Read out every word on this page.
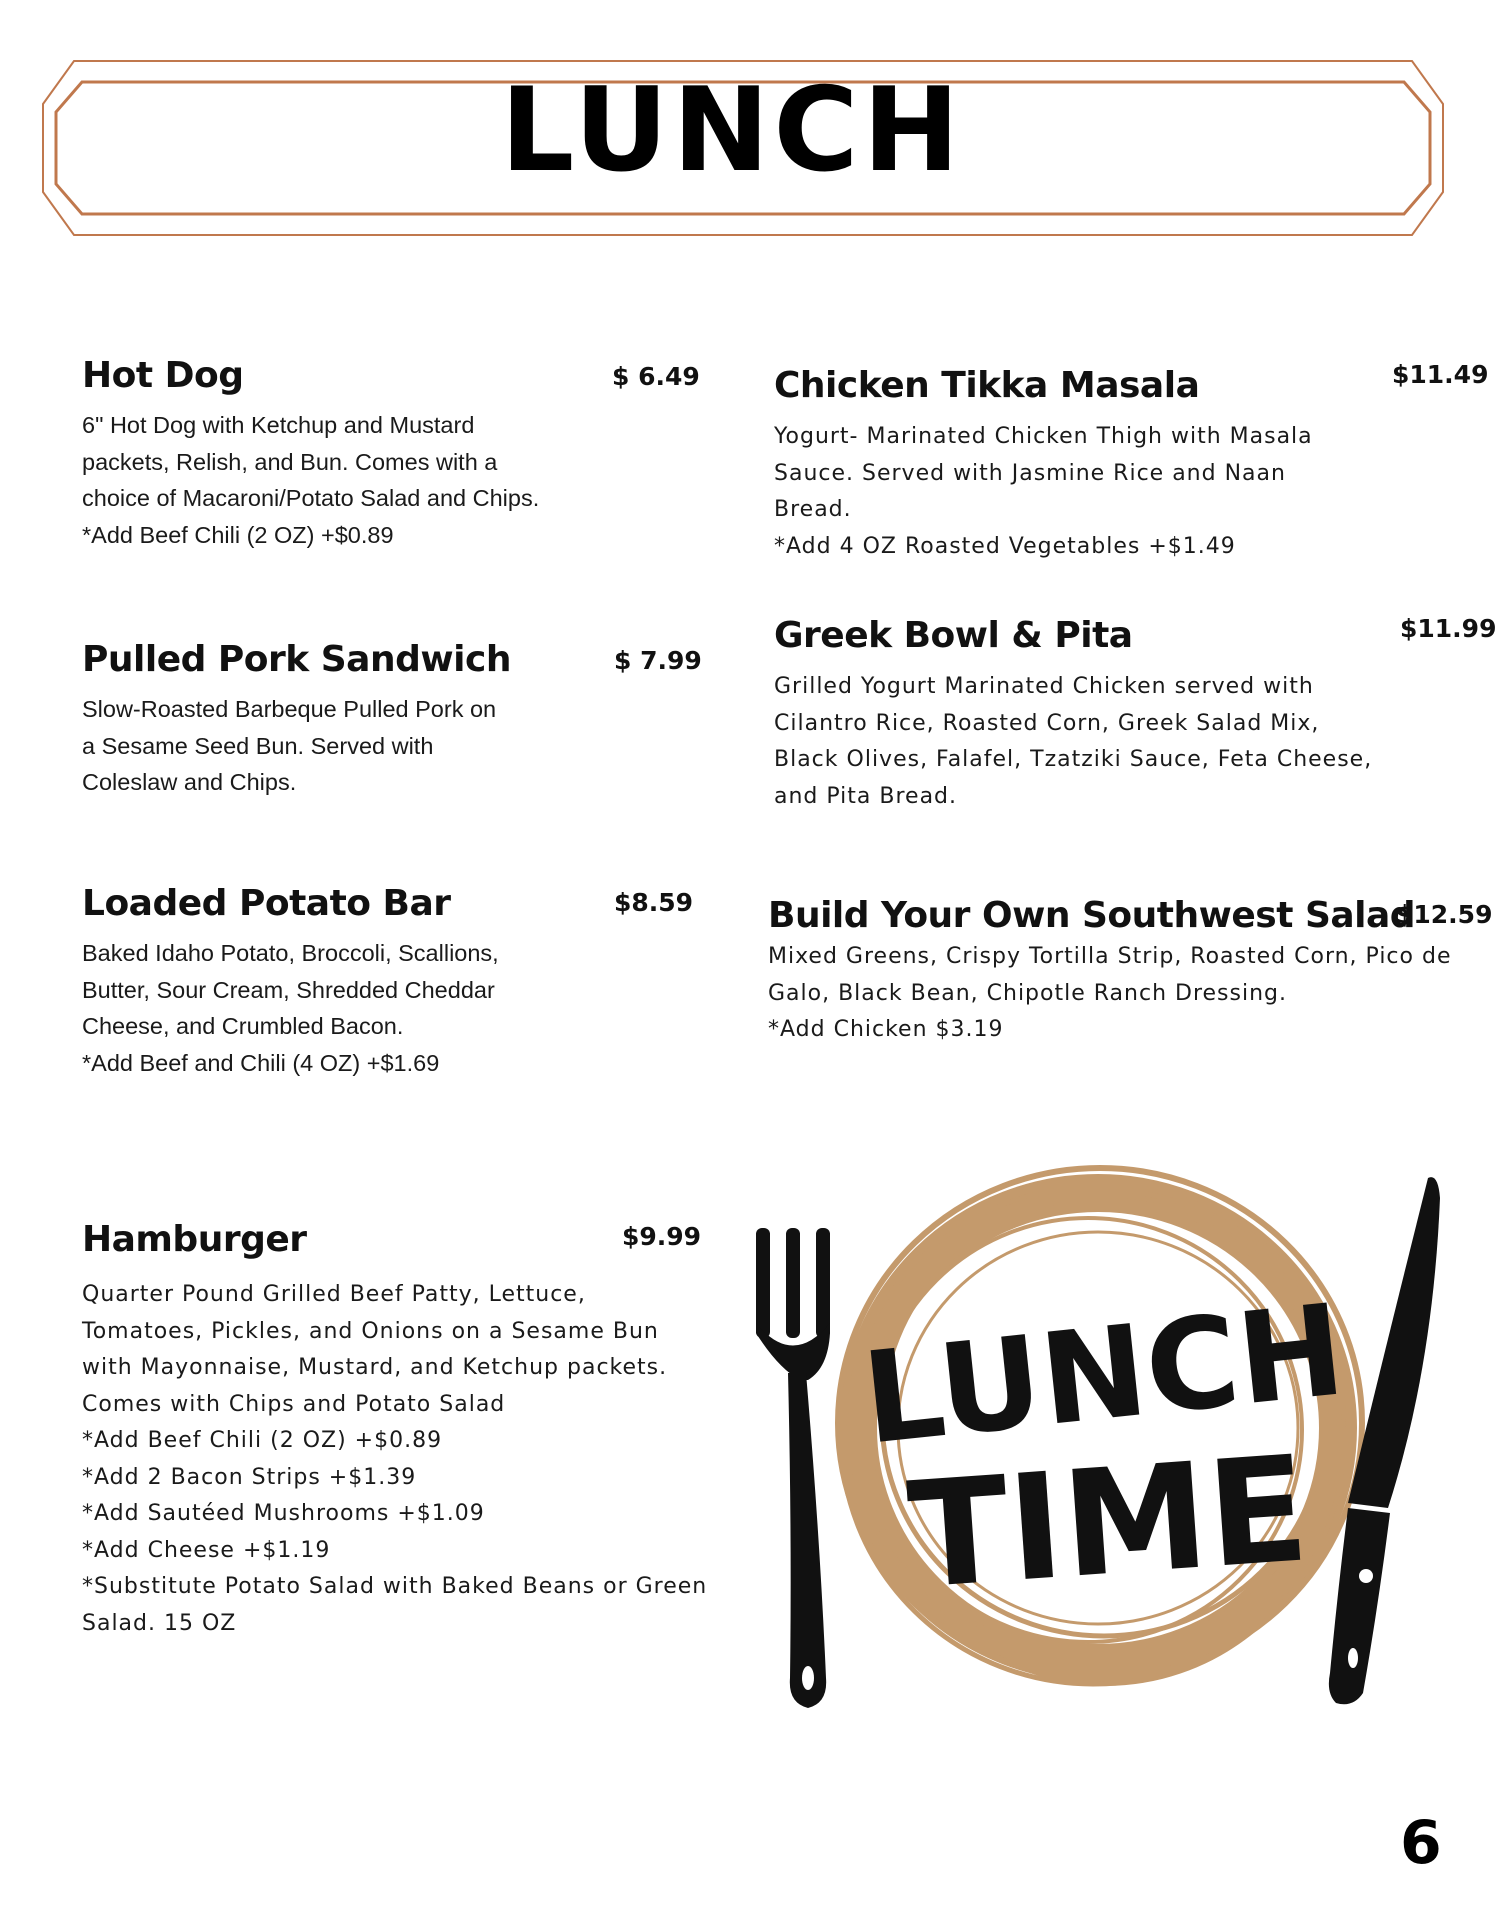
LUNCH
Hot Dog	$ 6.49
6" Hot Dog with Ketchup and Mustard
packets, Relish, and Bun. Comes with a
choice of Macaroni/Potato Salad and Chips.
*Add Beef Chili (2 OZ) +$0.89
Pulled Pork Sandwich	$ 7.99
Slow-Roasted Barbeque Pulled Pork on
a Sesame Seed Bun. Served with
Coleslaw and Chips.
Loaded Potato Bar	$8.59
Baked Idaho Potato, Broccoli, Scallions,
Butter, Sour Cream, Shredded Cheddar
Cheese, and Crumbled Bacon.
*Add Beef and Chili (4 OZ) +$1.69
Hamburger	$9.99
Quarter Pound Grilled Beef Patty, Lettuce,
Tomatoes, Pickles, and Onions on a Sesame Bun
with Mayonnaise, Mustard, and Ketchup packets.
Comes with Chips and Potato Salad
*Add Beef Chili (2 OZ) +$0.89
*Add 2 Bacon Strips +$1.39
*Add Sautéed Mushrooms +$1.09
*Add Cheese +$1.19
*Substitute Potato Salad with Baked Beans or Green
Salad. 15 OZ
Chicken Tikka Masala	$11.49
Yogurt- Marinated Chicken Thigh with Masala
Sauce. Served with Jasmine Rice and Naan
Bread.
*Add 4 OZ Roasted Vegetables +$1.49
Greek Bowl & Pita	$11.99
Grilled Yogurt Marinated Chicken served with
Cilantro Rice, Roasted Corn, Greek Salad Mix,
Black Olives, Falafel, Tzatziki Sauce, Feta Cheese,
and Pita Bread.
Build Your Own Southwest Salad
$12.59
Mixed Greens, Crispy Tortilla Strip, Roasted Corn, Pico de
Galo, Black Bean, Chipotle Ranch Dressing.
*Add Chicken $3.19
LUNCH
TIME
6
